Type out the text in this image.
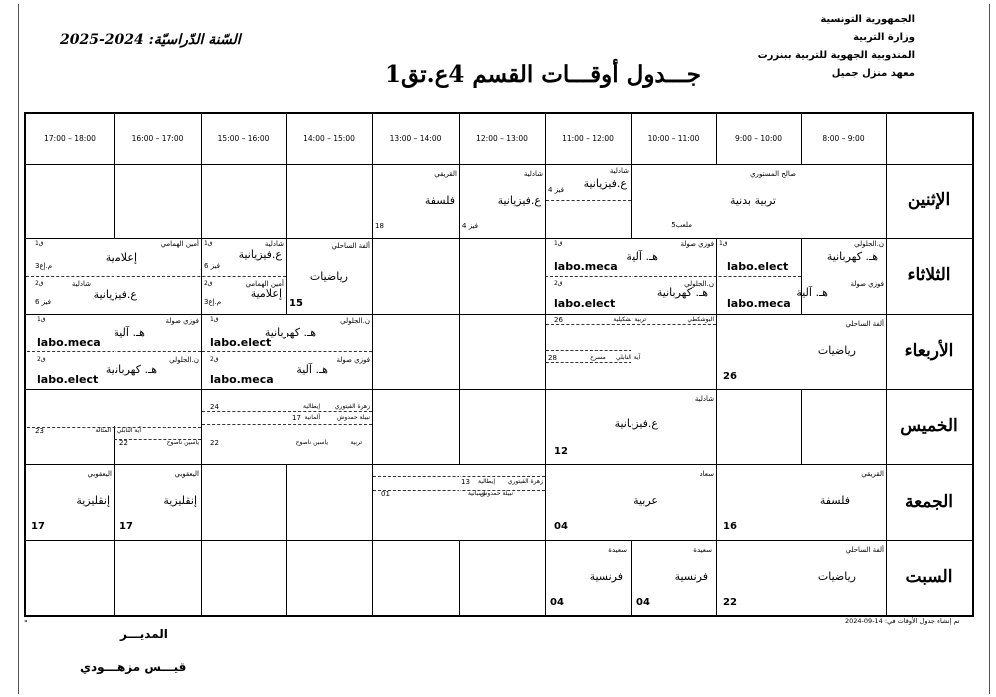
الجمهورية التونسية
وزارة التربية
المندوبية الجهوية للتربية ببنزرت
معهد منزل جميل
السّنة الدّراسيّة: 2024-2025
جـــدول أوقـــات القسم 4ع.تق1
8:00 – 9:00
9:00 – 10:00
10:00 – 11:00
11:00 – 12:00
12:00 – 13:00
13:00 – 14:00
14:00 – 15:00
15:00 – 16:00
16:00 – 17:00
17:00 – 18:00
الإثنين
الثلاثاء
الأربعاء
الخميس
الجمعة
السبت
صالح المستوري
تربية بدنية
ملعب5
شادلية
ع.فيزيانية
فيز 4
شادلية
ع.فيزيانية
فيز 4
القريقي
فلسفة
18
ن.الجلولي
هـ. كهربانية
labo.elect
ق1
فوزي صولة
هـ. آلية
labo.meca
فوزي صولة
هـ. آلية
labo.meca
ق1
ن.الجلولي
هـ. كهربانية
labo.elect
ق2
ألفة الساحلي
رياضيات
15
شادلية
ع.فيزيانية
فيز 6
ق1
أمين الهمامي
إعلامية
م.إع3
ق2
أمين الهمامي
إعلامية
م.إع3
ق1
شادلية
ع.فيزيانية
فيز 6
ق2
ألفة الساحلي
رياضيات
26
البوشكطي
تربية تشكيلية
26
آية النابلي
مسرح
28
ن.الجلولي
هـ. كهربانية
labo.elect
ق1
فوزي صولة
هـ. آلية
labo.meca
ق2
فوزي صولة
هـ. آلية
labo.meca
ق1
ن.الجلولي
هـ. كهربانية
labo.elect
ق2
شادلية
ع.فيزيانية
12
زهرة الفيتوري
إيطالية
24
نبيلة حمدوش
ألمانية
17
ياسين ناصوح	تربية
22
آية النابلي
المثالة
23
ياسين ناصوح
22
القريقي
فلسفة
16
سعاد
عربية
04
زهرة الفيتوري
إيطالية
13
نبيلة حمدوش
إسبانية
01
اليعقوبي
إنقليزية
17
اليعقوبي
إنقليزية
17
ألفة الساحلي
رياضيات
22
سعيدة
فرنسية
04
سعيدة
فرنسية
04
تم إنشاء جدول الأوقات في: 14-09-2024
"
المديـــر
قيـــس مزهـــودي
